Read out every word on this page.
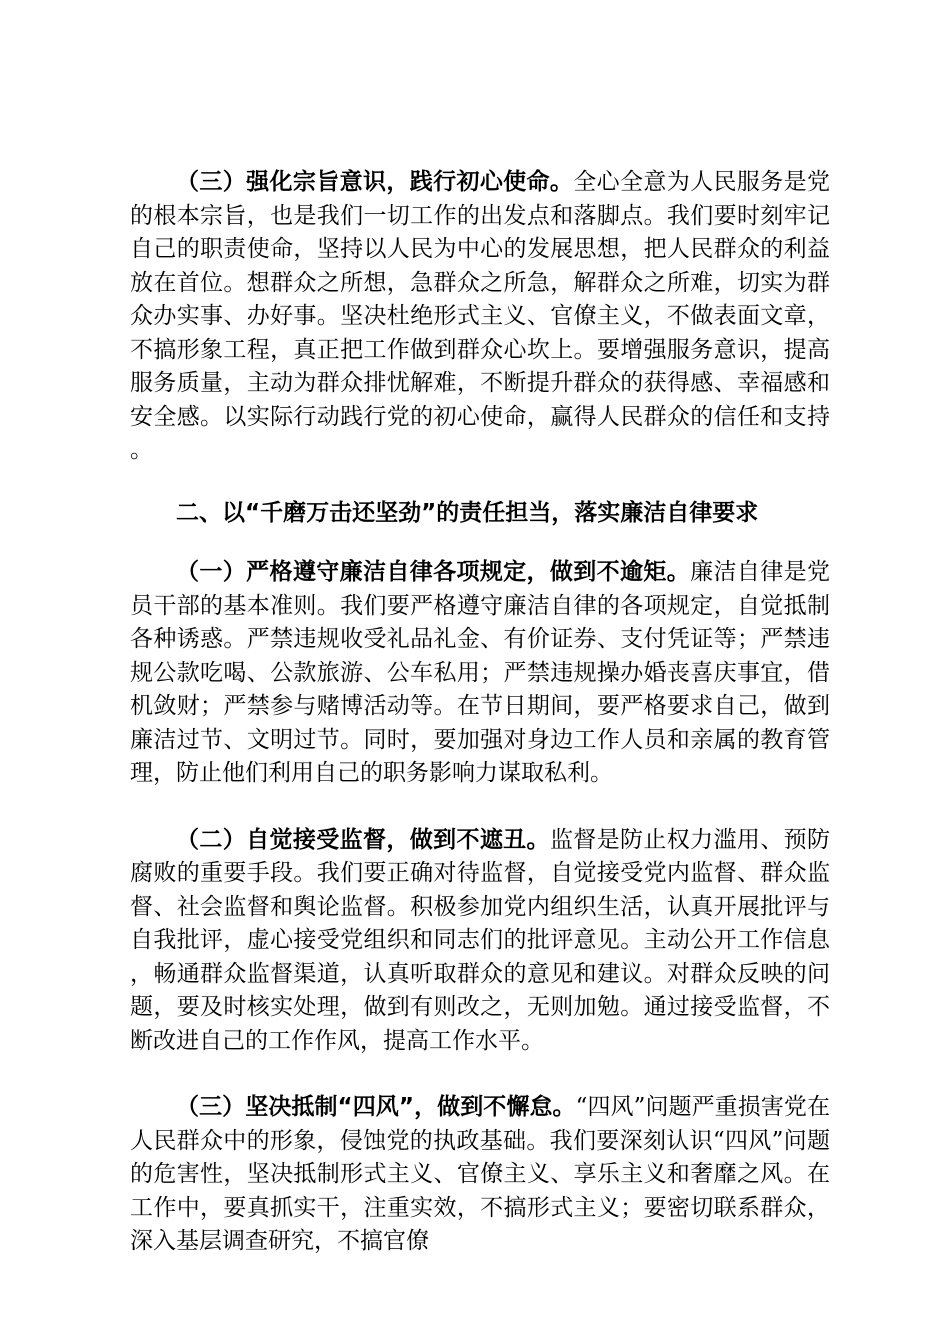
（三）强化宗旨意识，践行初心使命。全心全意为人民服务是党的根本宗旨，也是我们一切工作的出发点和落脚点。我们要时刻牢记自己的职责使命，坚持以人民为中心的发展思想，把人民群众的利益放在首位。想群众之所想，急群众之所急，解群众之所难，切实为群众办实事、办好事。坚决杜绝形式主义、官僚主义，不做表面文章，不搞形象工程，真正把工作做到群众心坎上。要增强服务意识，提高服务质量，主动为群众排忧解难，不断提升群众的获得感、幸福感和安全感。以实际行动践行党的初心使命，赢得人民群众的信任和支持。

二、以“千磨万击还坚劲”的责任担当，落实廉洁自律要求

（一）严格遵守廉洁自律各项规定，做到不逾矩。廉洁自律是党员干部的基本准则。我们要严格遵守廉洁自律的各项规定，自觉抵制各种诱惑。严禁违规收受礼品礼金、有价证券、支付凭证等；严禁违规公款吃喝、公款旅游、公车私用；严禁违规操办婚丧喜庆事宜，借机敛财；严禁参与赌博活动等。在节日期间，要严格要求自己，做到廉洁过节、文明过节。同时，要加强对身边工作人员和亲属的教育管理，防止他们利用自己的职务影响力谋取私利。

（二）自觉接受监督，做到不遮丑。监督是防止权力滥用、预防腐败的重要手段。我们要正确对待监督，自觉接受党内监督、群众监督、社会监督和舆论监督。积极参加党内组织生活，认真开展批评与自我批评，虚心接受党组织和同志们的批评意见。主动公开工作信息，畅通群众监督渠道，认真听取群众的意见和建议。对群众反映的问题，要及时核实处理，做到有则改之，无则加勉。通过接受监督，不断改进自己的工作作风，提高工作水平。

（三）坚决抵制“四风”，做到不懈怠。“四风”问题严重损害党在人民群众中的形象，侵蚀党的执政基础。我们要深刻认识“四风”问题的危害性，坚决抵制形式主义、官僚主义、享乐主义和奢靡之风。在工作中，要真抓实干，注重实效，不搞形式主义；要密切联系群众，深入基层调查研究，不搞官僚
